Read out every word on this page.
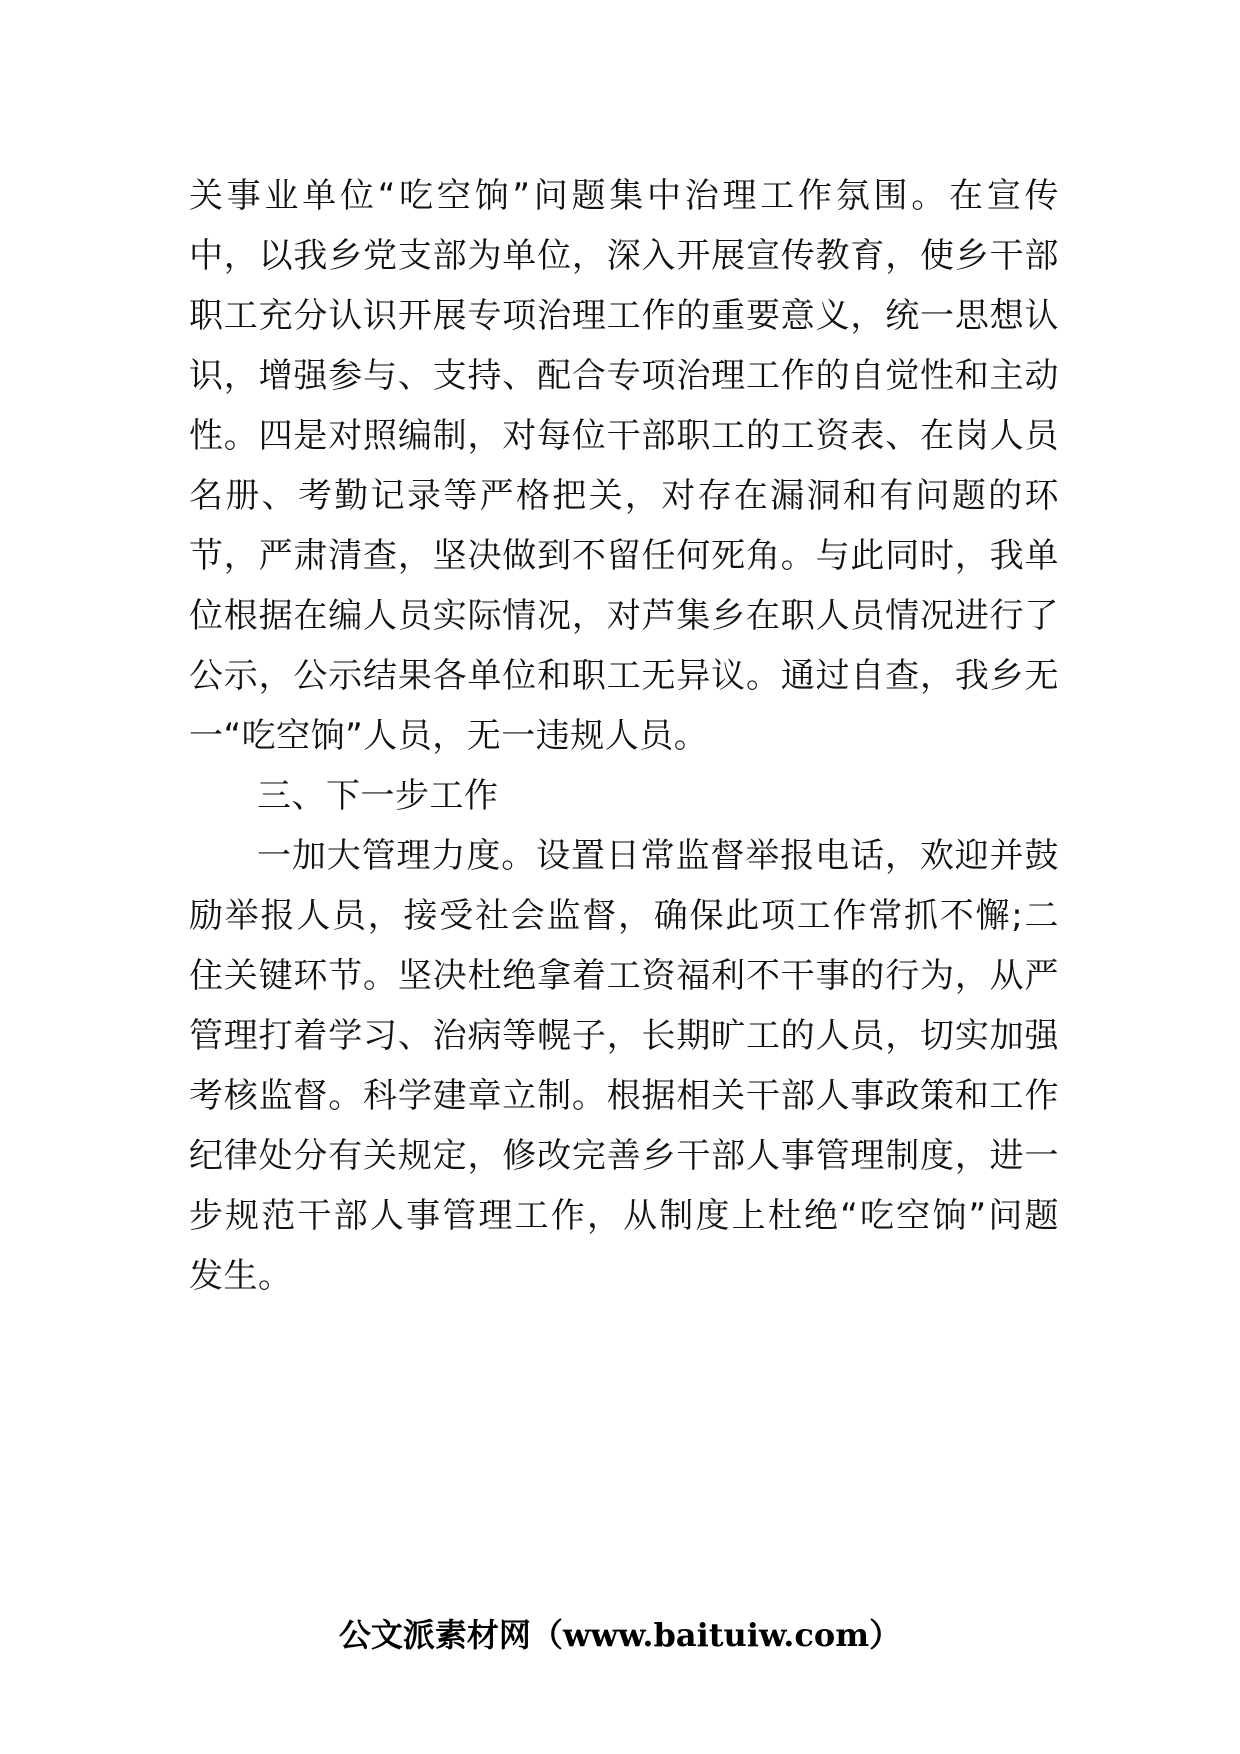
关事业单位“吃空饷”问题集中治理工作氛围。在宣传
中，以我乡党支部为单位，深入开展宣传教育，使乡干部
职工充分认识开展专项治理工作的重要意义，统一思想认
识，增强参与、支持、配合专项治理工作的自觉性和主动
性。四是对照编制，对每位干部职工的工资表、在岗人员
名册、考勤记录等严格把关，对存在漏洞和有问题的环
节，严肃清查，坚决做到不留任何死角。与此同时，我单
位根据在编人员实际情况，对芦集乡在职人员情况进行了
公示，公示结果各单位和职工无异议。通过自查，我乡无
一“吃空饷”人员，无一违规人员。
三、下一步工作
一加大管理力度。设置日常监督举报电话，欢迎并鼓
励举报人员，接受社会监督，确保此项工作常抓不懈;二
住关键环节。坚决杜绝拿着工资福利不干事的行为，从严
管理打着学习、治病等幌子，长期旷工的人员，切实加强
考核监督。科学建章立制。根据相关干部人事政策和工作
纪律处分有关规定，修改完善乡干部人事管理制度，进一
步规范干部人事管理工作，从制度上杜绝“吃空饷”问题
发生。
公文派素材网（www.baituiw.com）
